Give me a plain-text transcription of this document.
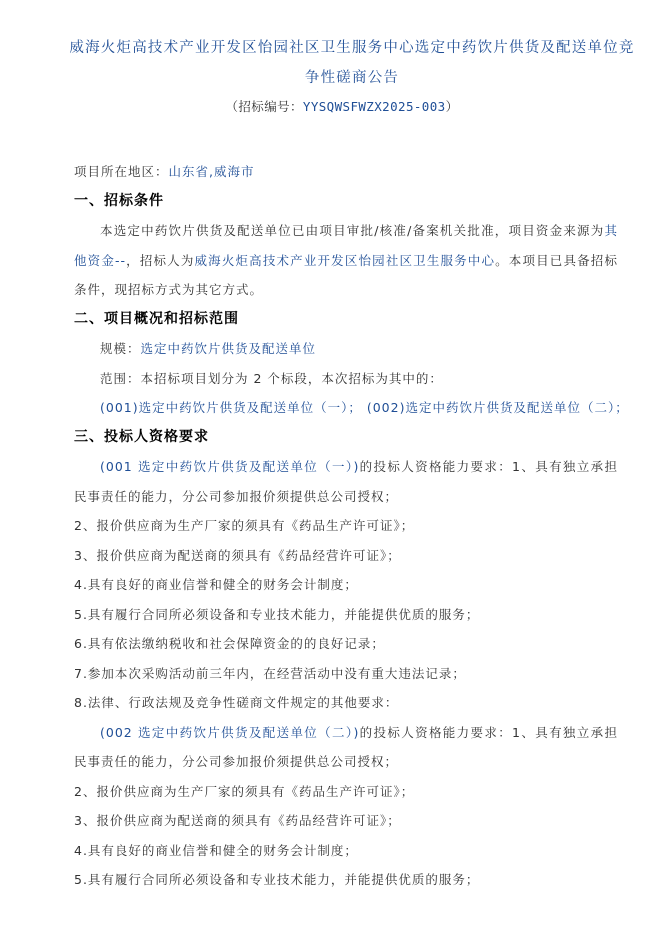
威海火炬高技术产业开发区怡园社区卫生服务中心选定中药饮片供货及配送单位竞争性磋商公告
（招标编号：YYSQWSFWZX2025-003）
项目所在地区：山东省,威海市
一、招标条件
本选定中药饮片供货及配送单位已由项目审批/核准/备案机关批准，项目资金来源为其他资金--，招标人为威海火炬高技术产业开发区怡园社区卫生服务中心。本项目已具备招标条件，现招标方式为其它方式。
二、项目概况和招标范围
规模：选定中药饮片供货及配送单位
范围：本招标项目划分为 2 个标段，本次招标为其中的：
(001)选定中药饮片供货及配送单位（一）； (002)选定中药饮片供货及配送单位（二）；
三、投标人资格要求
(001 选定中药饮片供货及配送单位（一）)的投标人资格能力要求：1、具有独立承担民事责任的能力，分公司参加报价须提供总公司授权；
2、报价供应商为生产厂家的须具有《药品生产许可证》；
3、报价供应商为配送商的须具有《药品经营许可证》；
4.具有良好的商业信誉和健全的财务会计制度；
5.具有履行合同所必须设备和专业技术能力，并能提供优质的服务；
6.具有依法缴纳税收和社会保障资金的的良好记录；
7.参加本次采购活动前三年内，在经营活动中没有重大违法记录；
8.法律、行政法规及竞争性磋商文件规定的其他要求：
(002 选定中药饮片供货及配送单位（二）)的投标人资格能力要求：1、具有独立承担民事责任的能力，分公司参加报价须提供总公司授权；
2、报价供应商为生产厂家的须具有《药品生产许可证》；
3、报价供应商为配送商的须具有《药品经营许可证》；
4.具有良好的商业信誉和健全的财务会计制度；
5.具有履行合同所必须设备和专业技术能力，并能提供优质的服务；
